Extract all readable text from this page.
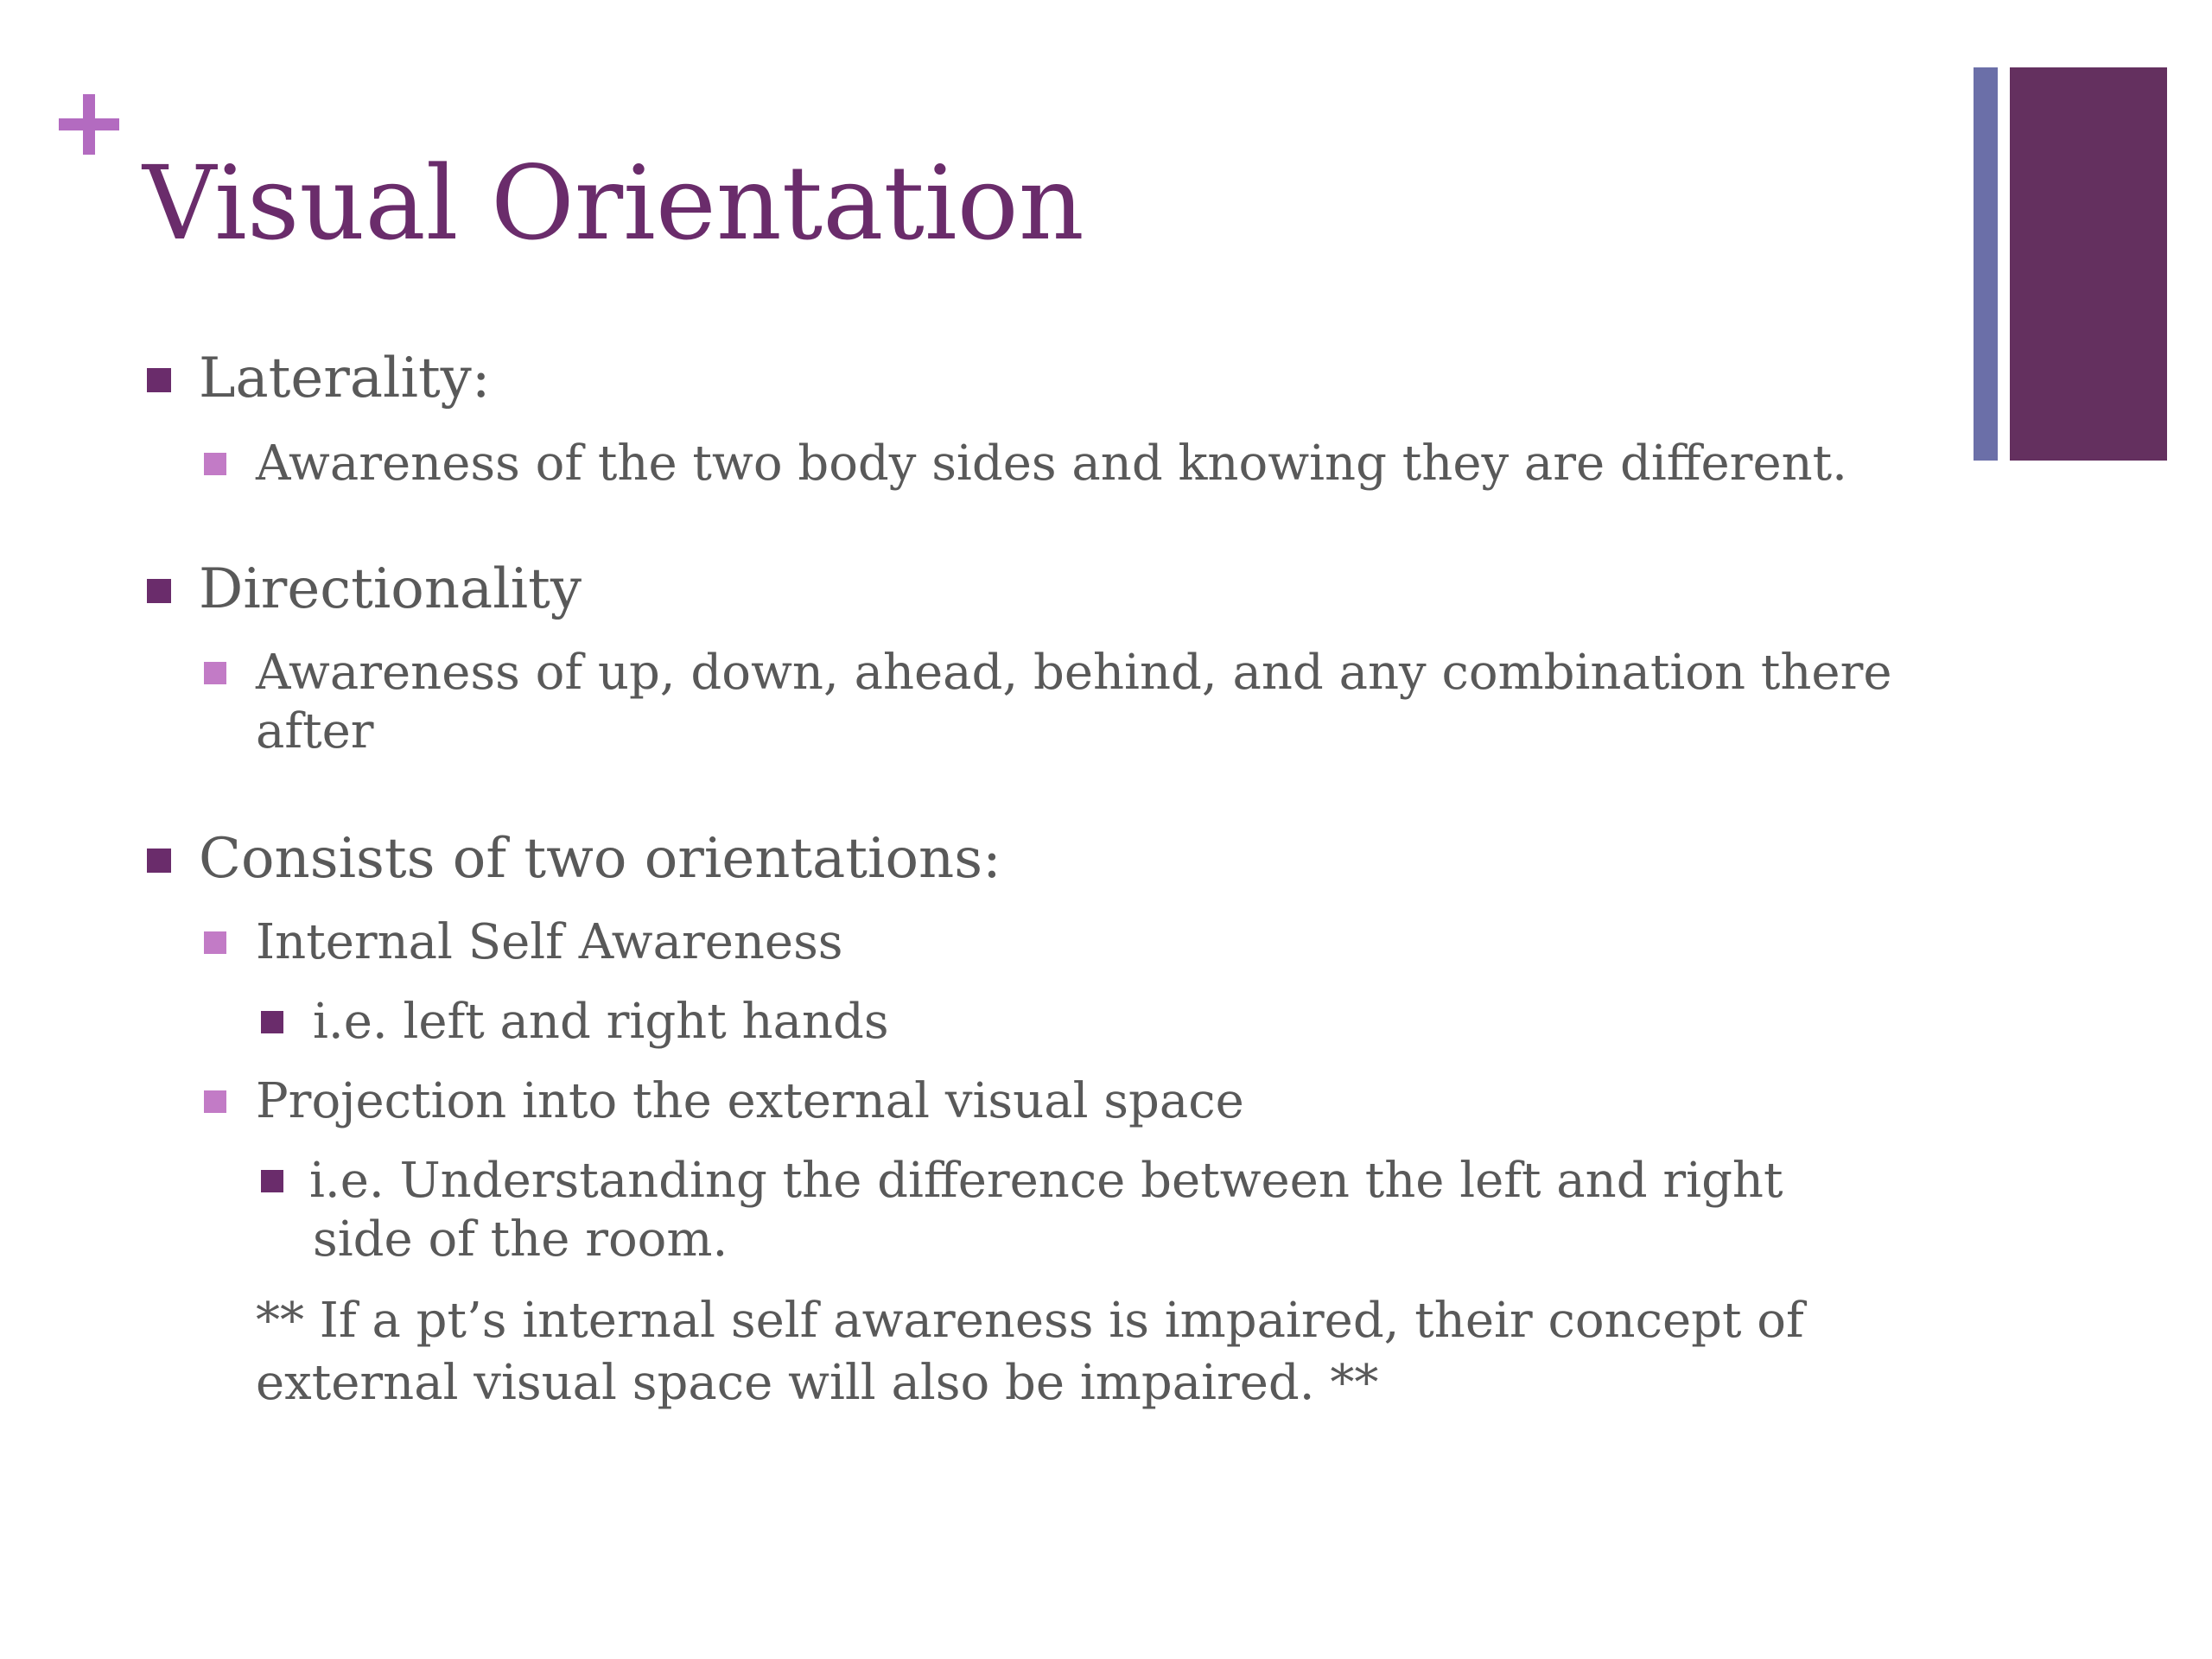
Visual Orientation
Laterality:
Awareness of the two body sides and knowing they are different.
Directionality
Awareness of up, down, ahead, behind, and any combination there
after
Consists of two orientations:
Internal Self Awareness
i.e. left and right hands
Projection into the external visual space
i.e. Understanding the difference between the left and right
side of the room.
** If a pt’s internal self awareness is impaired, their concept of
external visual space will also be impaired. **
